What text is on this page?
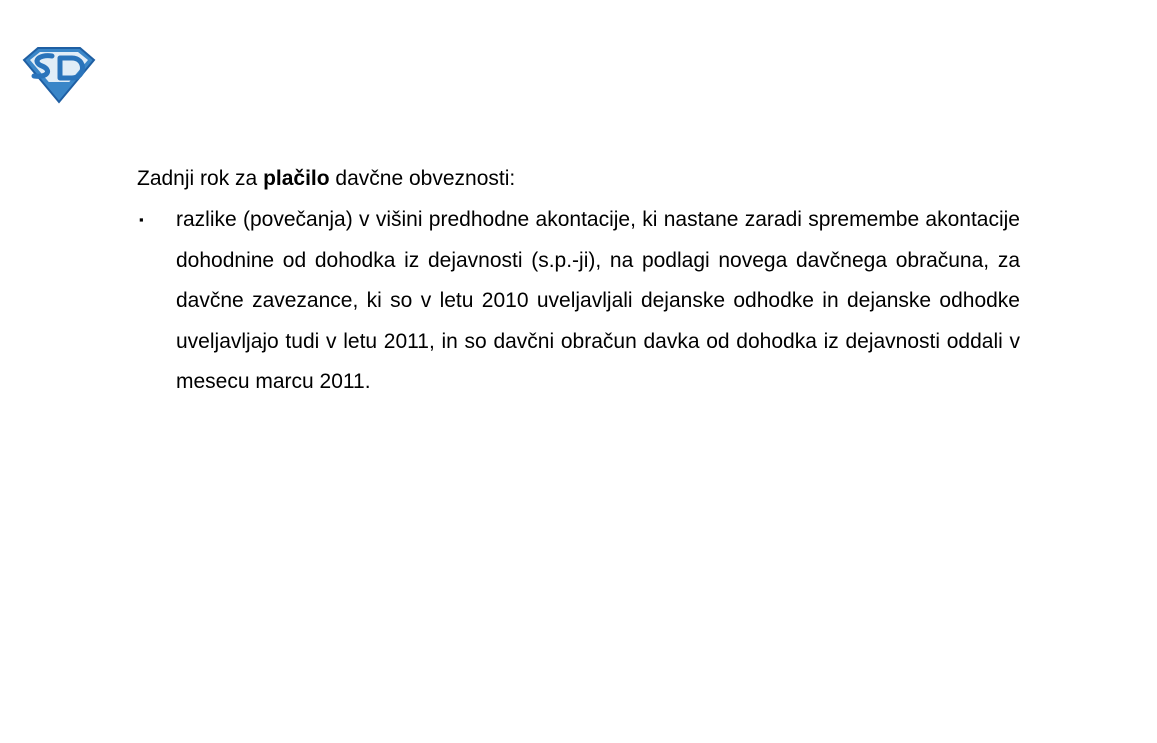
Zadnji rok za plačilo davčne obveznosti:

▪	razlike (povečanja) v višini predhodne akontacije, ki nastane zaradi spremembe akontacije dohodnine od dohodka iz dejavnosti (s.p.-ji), na podlagi novega davčnega obračuna, za davčne zavezance, ki so v letu 2010 uveljavljali dejanske odhodke in dejanske odhodke uveljavljajo tudi v letu 2011, in so davčni obračun davka od dohodka iz dejavnosti oddali v mesecu marcu 2011.
